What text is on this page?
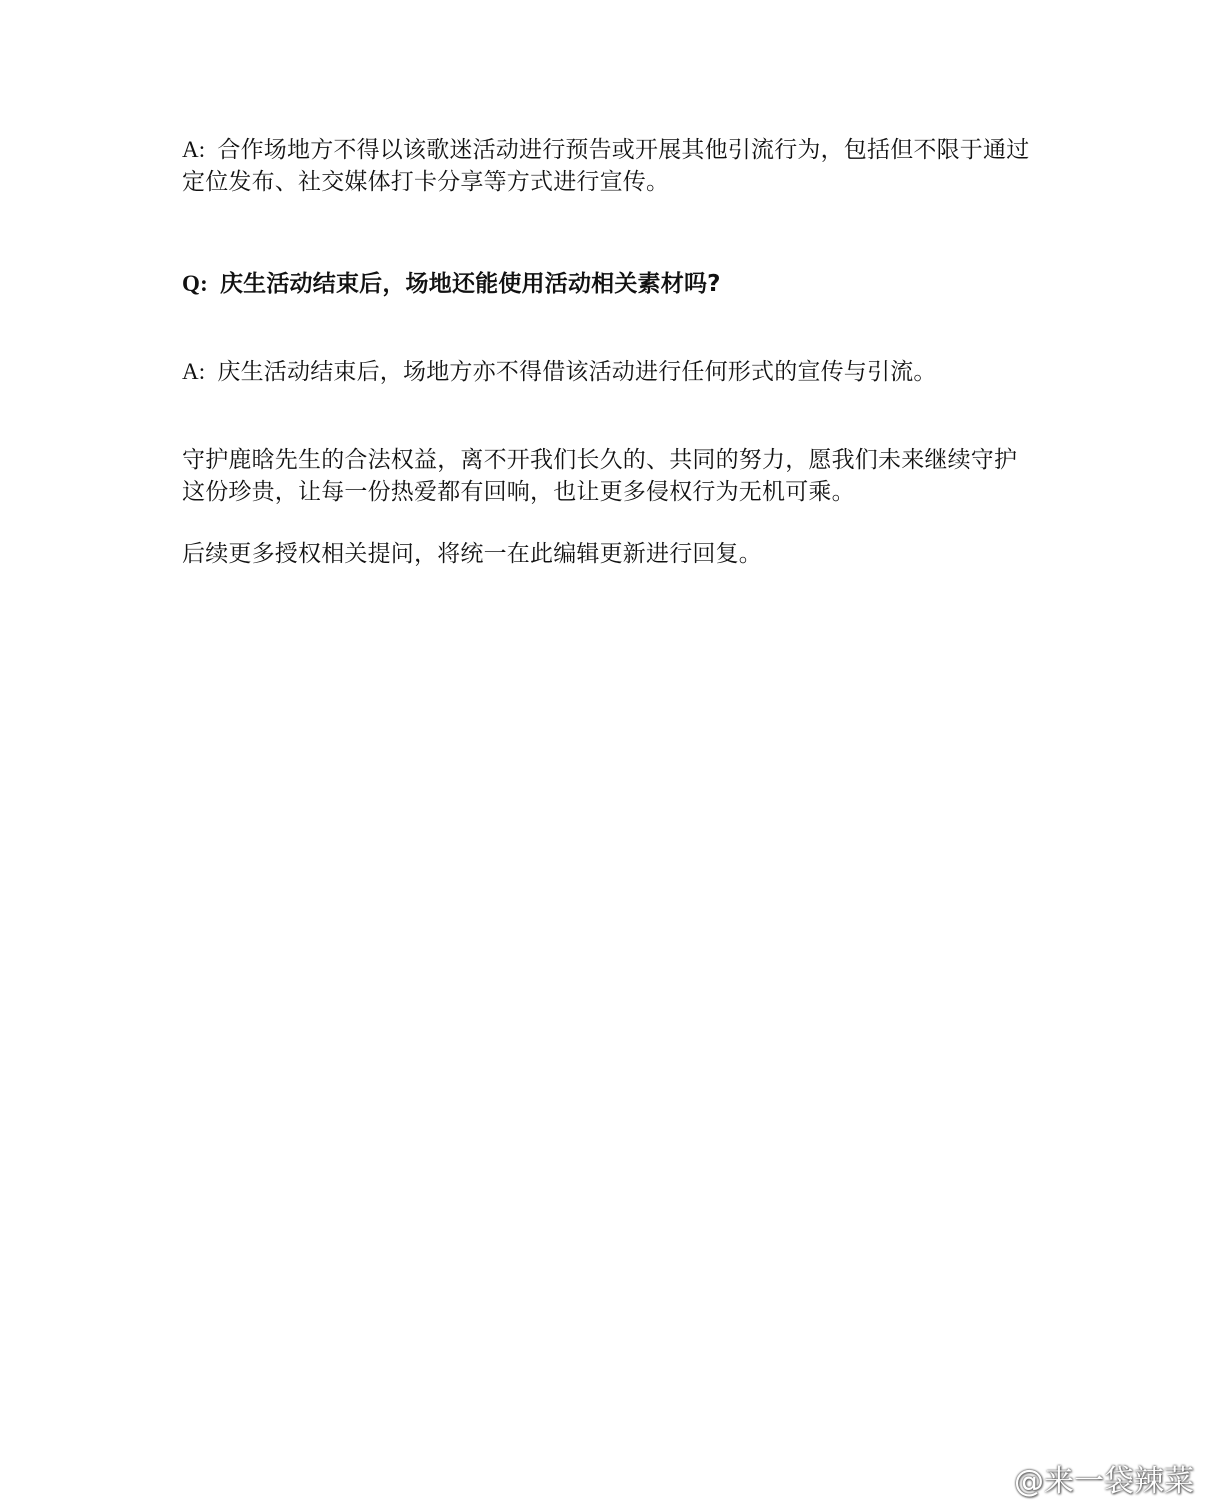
A: 合作场地方不得以该歌迷活动进行预告或开展其他引流行为，包括但不限于通过定位发布、社交媒体打卡分享等方式进行宣传。
Q: 庆生活动结束后，场地还能使用活动相关素材吗?
A: 庆生活动结束后，场地方亦不得借该活动进行任何形式的宣传与引流。
守护鹿晗先生的合法权益，离不开我们长久的、共同的努力，愿我们未来继续守护这份珍贵，让每一份热爱都有回响，也让更多侵权行为无机可乘。
后续更多授权相关提问，将统一在此编辑更新进行回复。
@来一袋辣菜
